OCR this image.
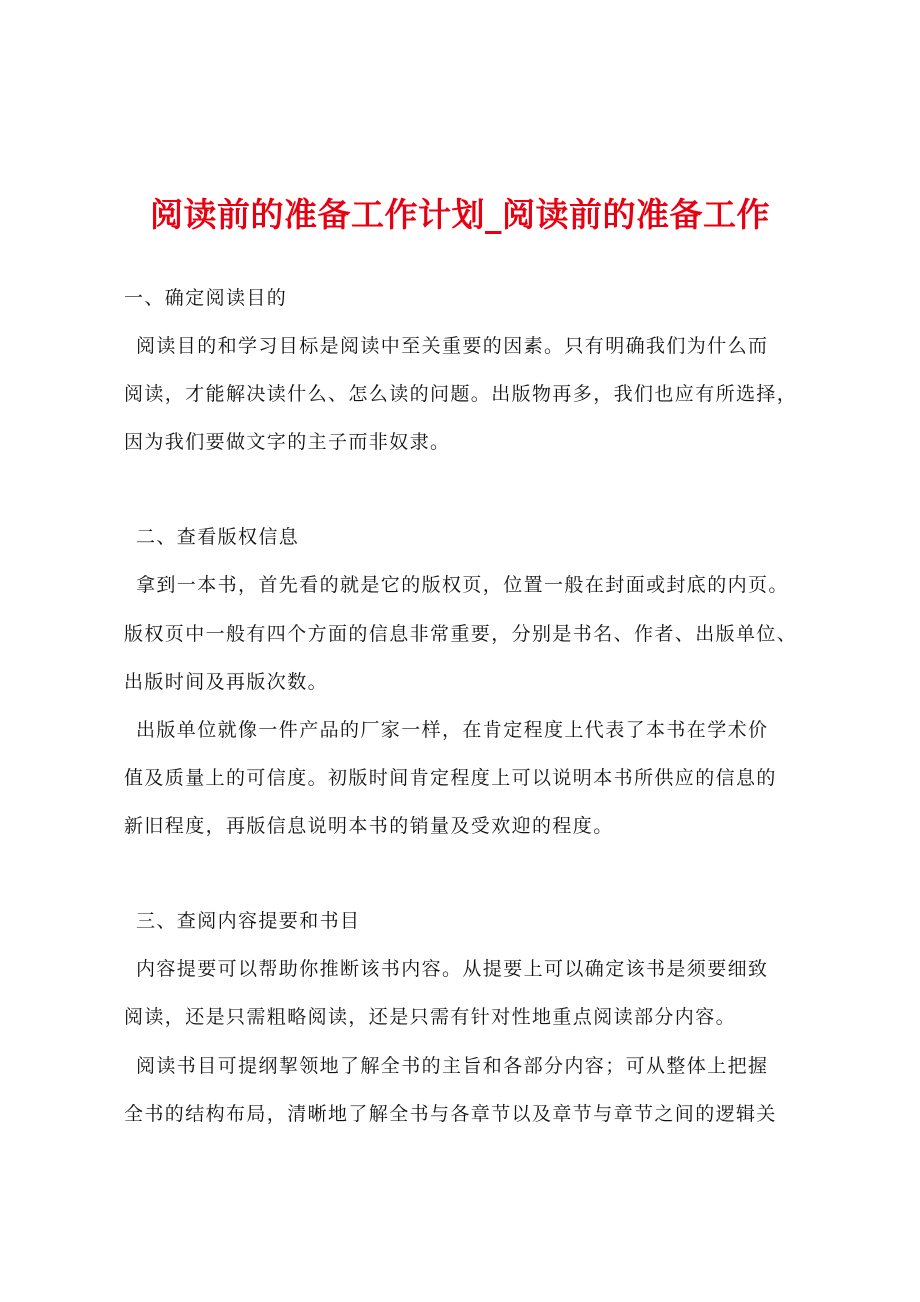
阅读前的准备工作计划_阅读前的准备工作
一、确定阅读目的
阅读目的和学习目标是阅读中至关重要的因素。只有明确我们为什么而
阅读，才能解决读什么、怎么读的问题。出版物再多，我们也应有所选择，
因为我们要做文字的主子而非奴隶。
二、查看版权信息
拿到一本书，首先看的就是它的版权页，位置一般在封面或封底的内页。
版权页中一般有四个方面的信息非常重要，分别是书名、作者、出版单位、
出版时间及再版次数。
出版单位就像一件产品的厂家一样，在肯定程度上代表了本书在学术价
值及质量上的可信度。初版时间肯定程度上可以说明本书所供应的信息的
新旧程度，再版信息说明本书的销量及受欢迎的程度。
三、查阅内容提要和书目
内容提要可以帮助你推断该书内容。从提要上可以确定该书是须要细致
阅读，还是只需粗略阅读，还是只需有针对性地重点阅读部分内容。
阅读书目可提纲挈领地了解全书的主旨和各部分内容；可从整体上把握
全书的结构布局，清晰地了解全书与各章节以及章节与章节之间的逻辑关
